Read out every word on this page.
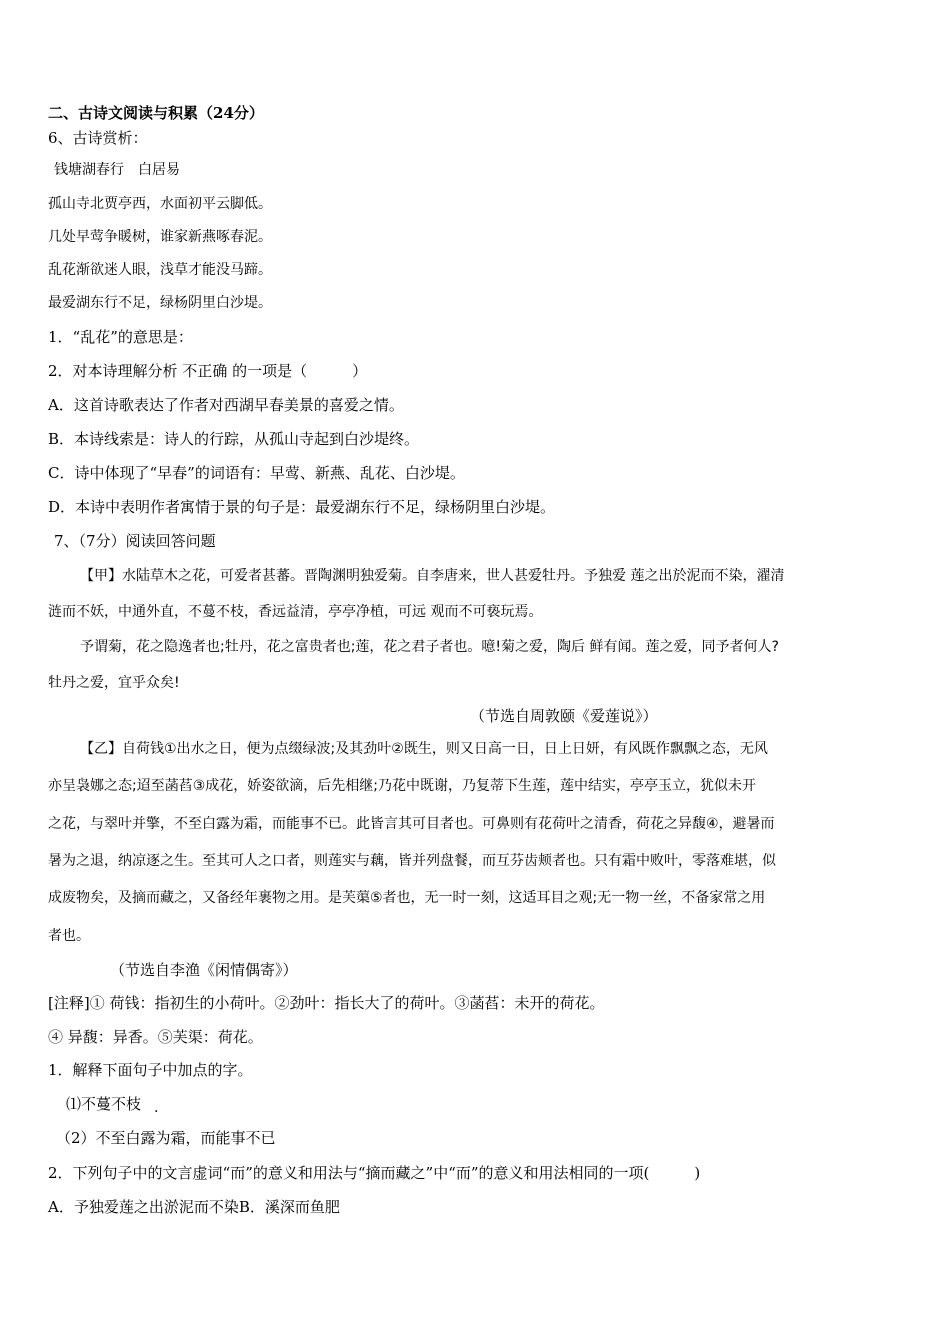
二、古诗文阅读与积累（24分）
6、古诗赏析：
钱塘湖春行　白居易
孤山寺北贾亭西，水面初平云脚低。
几处早莺争暖树，谁家新燕啄春泥。
乱花渐欲迷人眼，浅草才能没马蹄。
最爱湖东行不足，绿杨阴里白沙堤。
1．“乱花”的意思是：
2．对本诗理解分析 不正确 的一项是（　　　）
A．这首诗歌表达了作者对西湖早春美景的喜爱之情。
B．本诗线索是：诗人的行踪，从孤山寺起到白沙堤终。
C．诗中体现了“早春”的词语有：早莺、新燕、乱花、白沙堤。
D．本诗中表明作者寓情于景的句子是：最爱湖东行不足，绿杨阴里白沙堤。
7、（7分）阅读回答问题
【甲】水陆草木之花，可爱者甚蕃。晋陶渊明独爱菊。自李唐来，世人甚爱牡丹。予独爱 莲之出於泥而不染，濯清
涟而不妖，中通外直，不蔓不枝，香远益清，亭亭净植，可远 观而不可亵玩焉。
予谓菊，花之隐逸者也;牡丹，花之富贵者也;莲，花之君子者也。噫!菊之爱，陶后 鲜有闻。莲之爱，同予者何人?
牡丹之爱，宜乎众矣!
（节选自周敦颐《爱莲说》）
【乙】自荷钱①出水之日，便为点缀绿波;及其劲叶②既生，则又日高一日，日上日妍，有风既作飘飘之态，无风
亦呈袅娜之态;迢至菡萏③成花，娇姿欲滴，后先相继;乃花中既谢，乃复蒂下生莲，莲中结实，亭亭玉立，犹似未开
之花，与翠叶并擎，不至白露为霜，而能事不已。此皆言其可目者也。可鼻则有花荷叶之清香，荷花之异馥④，避暑而
暑为之退，纳凉逐之生。至其可人之口者，则莲实与藕，皆并列盘餐，而互芬齿颊者也。只有霜中败叶，零落难堪，似
成废物矣，及摘而藏之，又备经年裹物之用。是芙蕖⑤者也，无一时一刻，这适耳目之观;无一物一丝，不备家常之用
者也。
（节选自李渔《闲情偶寄》）
[注释]① 荷钱：指初生的小荷叶。②劲叶：指长大了的荷叶。③菡萏：未开的荷花。
④ 异馥：异香。⑤芙渠：荷花。
1．解释下面句子中加点的字。
⑴不蔓不枝 .
（2）不至白露为霜，而能事不已
2．下列句子中的文言虚词“而”的意义和用法与“摘而藏之”中“而”的意义和用法相同的一项(　　　)
A．予独爱莲之出淤泥而不染B．溪深而鱼肥
